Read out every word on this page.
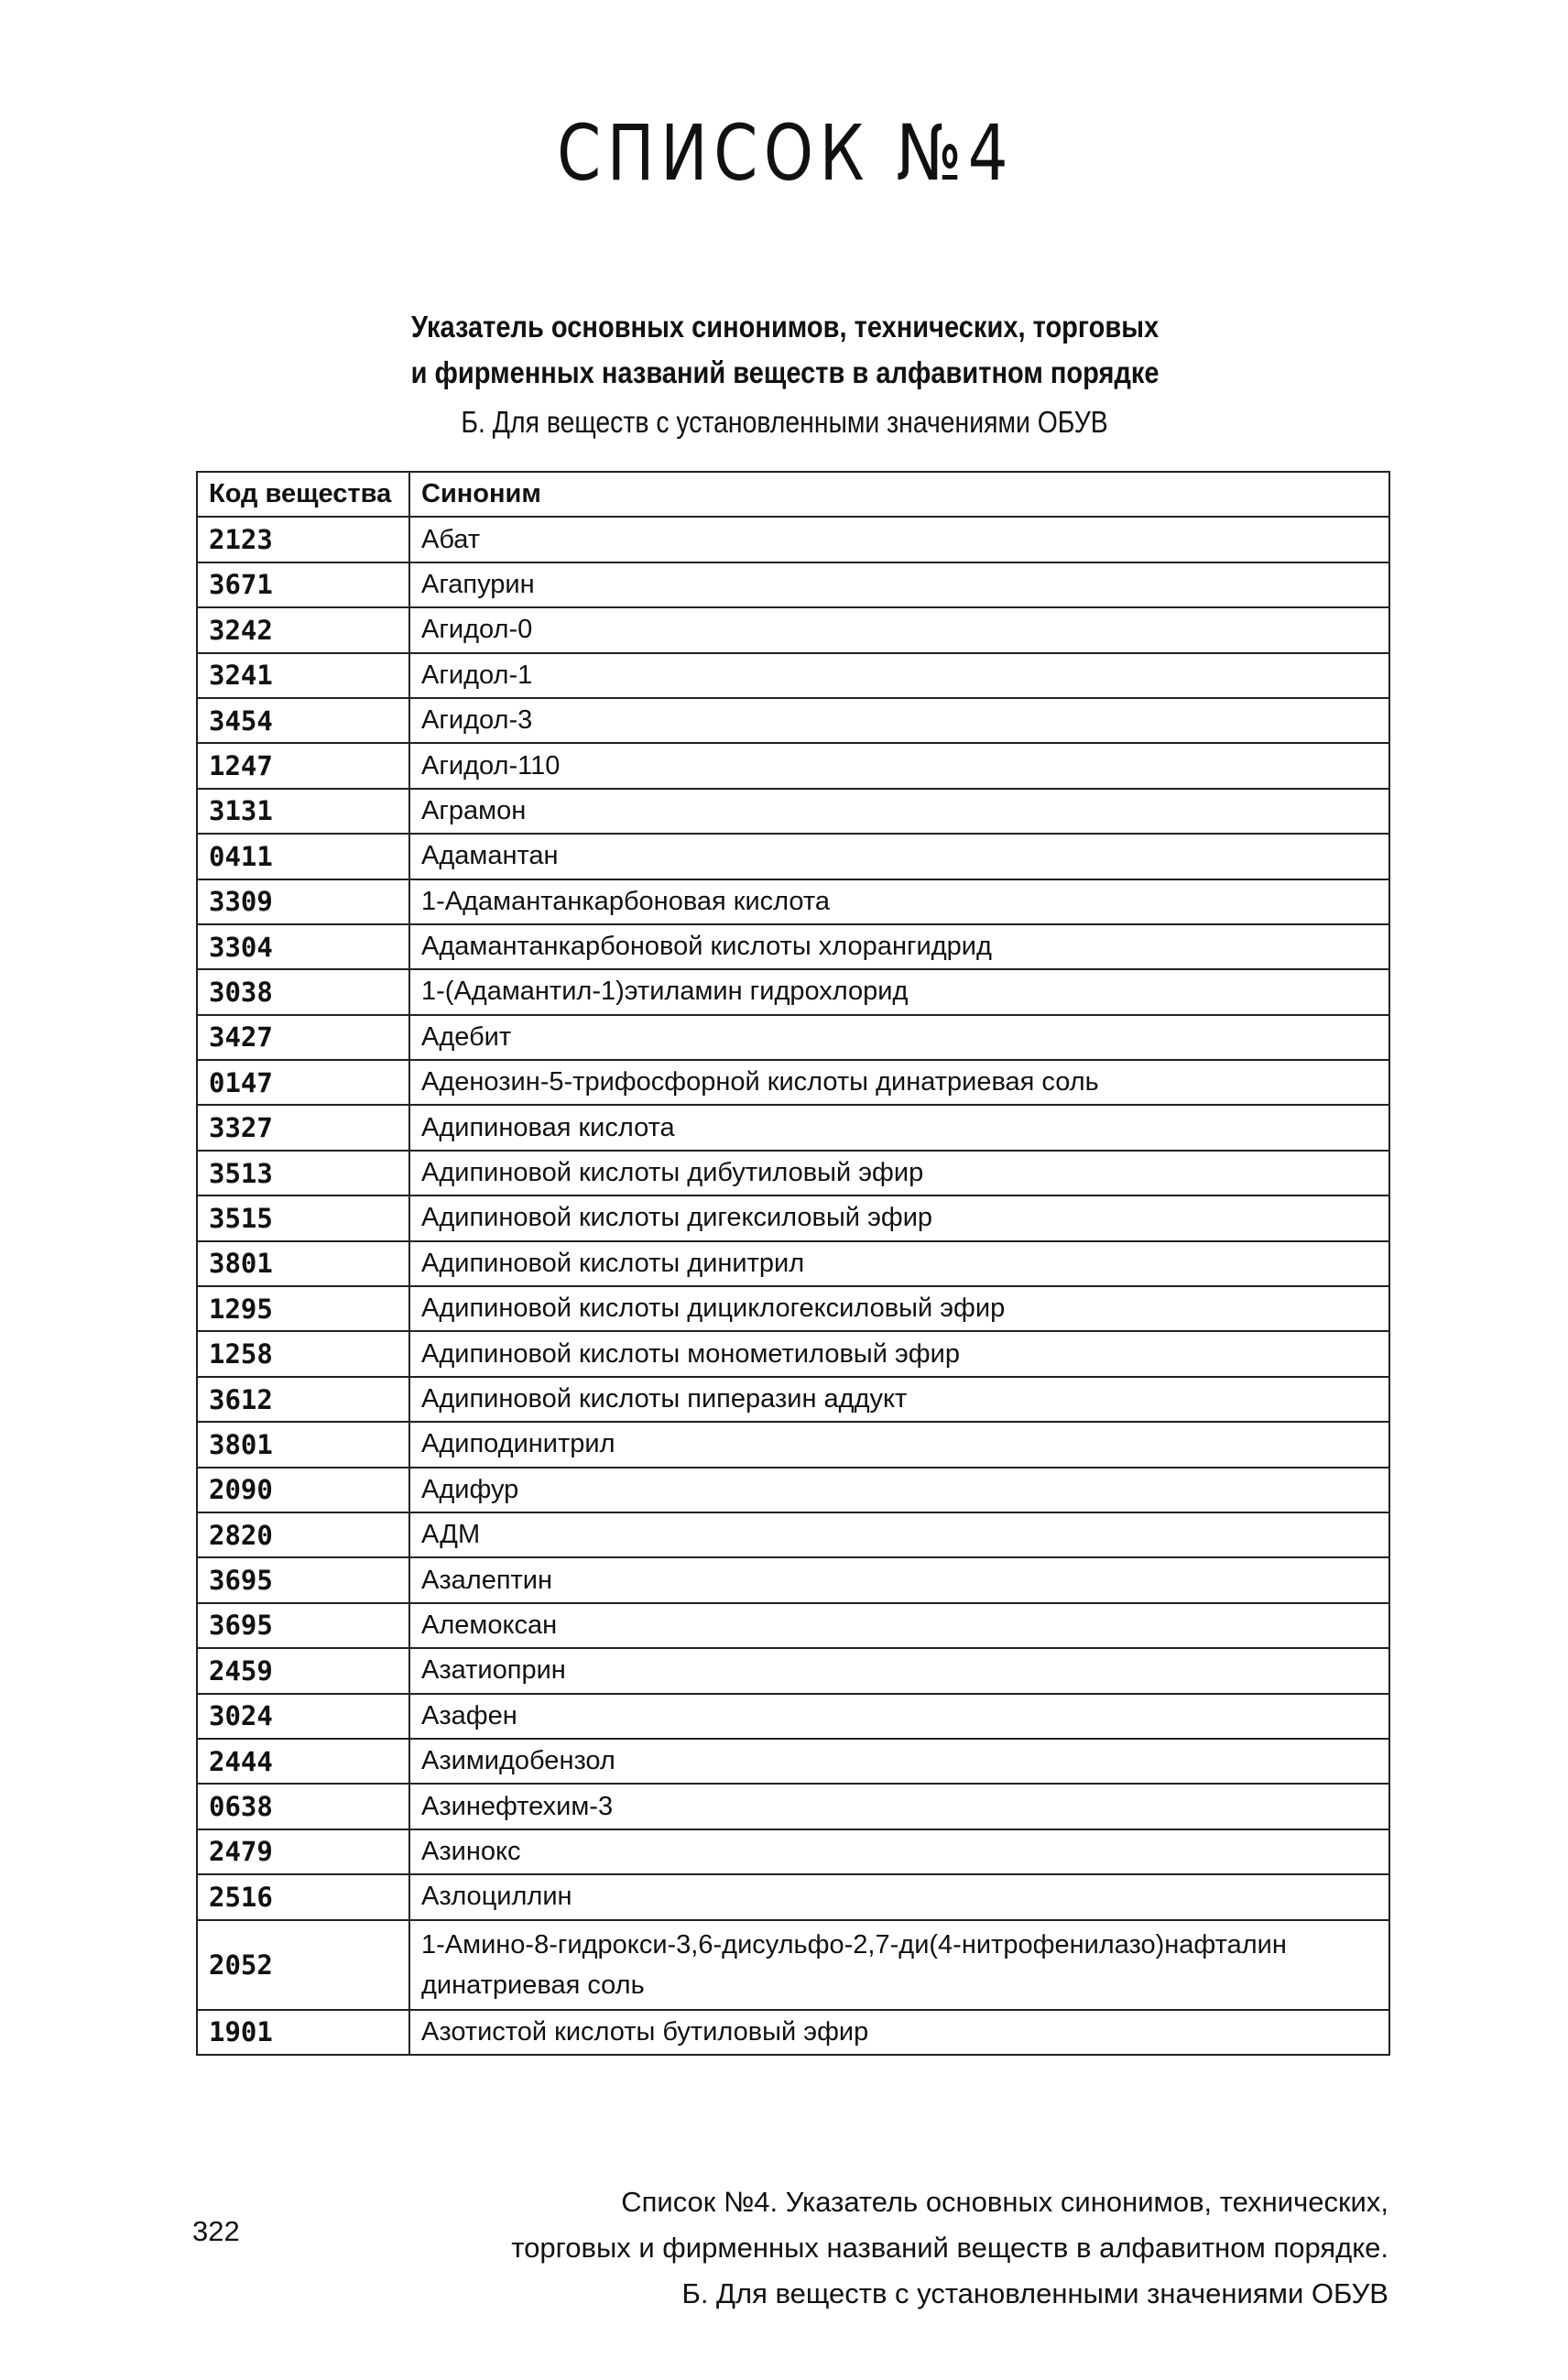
СПИСОК №4
Указатель основных синонимов, технических, торговых
и фирменных названий веществ в алфавитном порядке
Б. Для веществ с установленными значениями ОБУВ
Код вещества	Синоним
2123	Абат
3671	Агапурин
3242	Агидол-0
3241	Агидол-1
3454	Агидол-3
1247	Агидол-110
3131	Аграмон
0411	Адамантан
3309	1-Адамантанкарбоновая кислота
3304	Адамантанкарбоновой кислоты хлорангидрид
3038	1-(Адамантил-1)этиламин гидрохлорид
3427	Адебит
0147	Аденозин-5-трифосфорной кислоты динатриевая соль
3327	Адипиновая кислота
3513	Адипиновой кислоты дибутиловый эфир
3515	Адипиновой кислоты дигексиловый эфир
3801	Адипиновой кислоты динитрил
1295	Адипиновой кислоты дициклогексиловый эфир
1258	Адипиновой кислоты монометиловый эфир
3612	Адипиновой кислоты пиперазин аддукт
3801	Адиподинитрил
2090	Адифур
2820	АДМ
3695	Азалептин
3695	Алемоксан
2459	Азатиоприн
3024	Азафен
2444	Азимидобензол
0638	Азинефтехим-3
2479	Азинокс
2516	Азлоциллин
2052	1-Амино-8-гидрокси-3,6-дисульфо-2,7-ди(4-нитрофенилазо)нафталин динатриевая соль
1901	Азотистой кислоты бутиловый эфир
322
Список №4. Указатель основных синонимов, технических,
торговых и фирменных названий веществ в алфавитном порядке.
Б. Для веществ с установленными значениями ОБУВ
